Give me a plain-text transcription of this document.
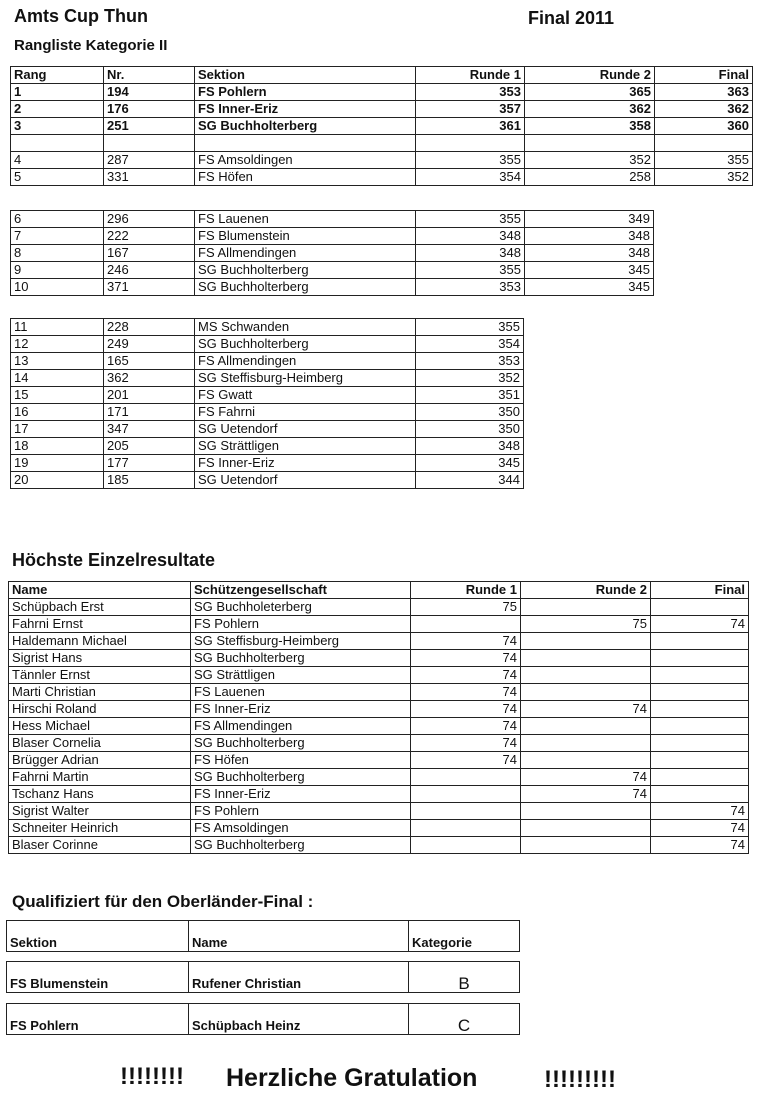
Amts Cup Thun	Final 2011
Rangliste Kategorie II
Rang	Nr.	Sektion	Runde 1	Runde 2	Final
1	194	FS Pohlern	353	365	363
2	176	FS Inner-Eriz	357	362	362
3	251	SG Buchholterberg	361	358	360

4	287	FS Amsoldingen	355	352	355
5	331	FS Höfen	354	258	352
6	296	FS Lauenen	355	349
7	222	FS Blumenstein	348	348
8	167	FS Allmendingen	348	348
9	246	SG Buchholterberg	355	345
10	371	SG Buchholterberg	353	345
11	228	MS Schwanden	355
12	249	SG Buchholterberg	354
13	165	FS Allmendingen	353
14	362	SG Steffisburg-Heimberg	352
15	201	FS Gwatt	351
16	171	FS Fahrni	350
17	347	SG Uetendorf	350
18	205	SG Strättligen	348
19	177	FS Inner-Eriz	345
20	185	SG Uetendorf	344
Höchste Einzelresultate
Name	Schützengesellschaft	Runde 1	Runde 2	Final
Schüpbach Erst	SG Buchholeterberg	75		
Fahrni Ernst	FS Pohlern		75	74
Haldemann Michael	SG Steffisburg-Heimberg	74		
Sigrist Hans	SG Buchholterberg	74		
Tännler Ernst	SG Strättligen	74		
Marti Christian	FS Lauenen	74		
Hirschi Roland	FS Inner-Eriz	74	74	
Hess Michael	FS Allmendingen	74		
Blaser Cornelia	SG Buchholterberg	74		
Brügger Adrian	FS Höfen	74		
Fahrni Martin	SG Buchholterberg		74	
Tschanz Hans	FS Inner-Eriz		74	
Sigrist Walter	FS Pohlern			74
Schneiter Heinrich	FS Amsoldingen			74
Blaser Corinne	SG Buchholterberg			74
Qualifiziert für den Oberländer-Final :
Sektion	Name	Kategorie
FS Blumenstein	Rufener Christian	B
FS Pohlern	Schüpbach Heinz	C
!!!!!!!! Herzliche Gratulation	!!!!!!!!!
